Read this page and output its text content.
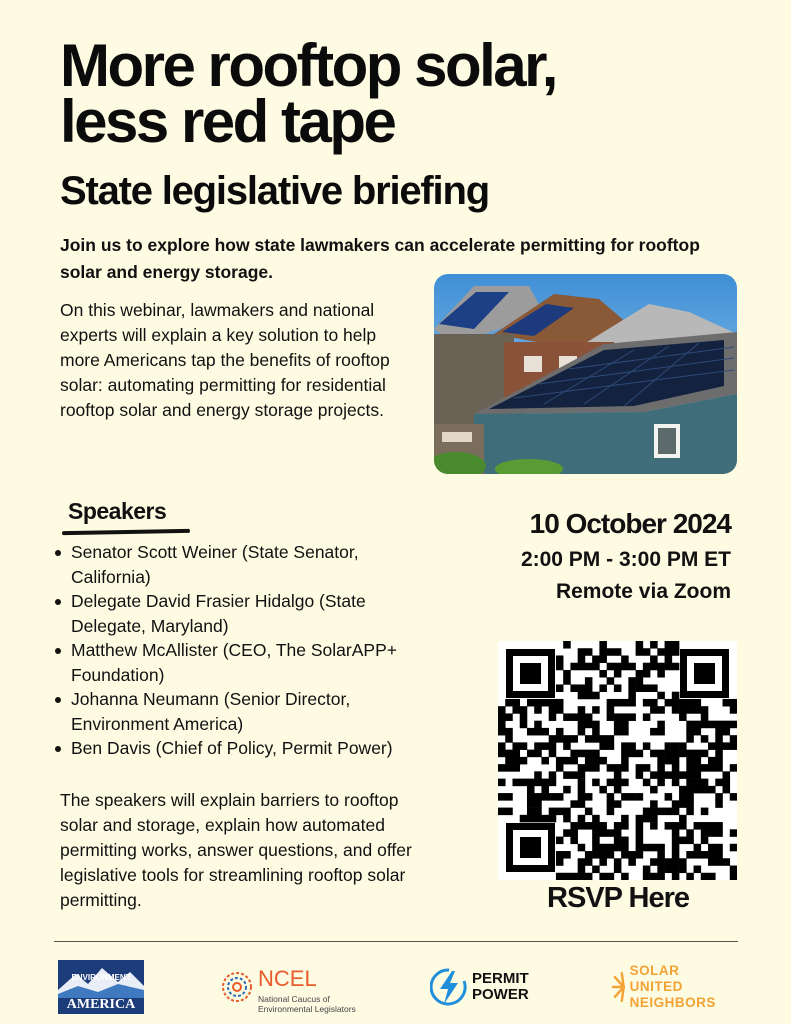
More rooftop solar,
less red tape
State legislative briefing

Join us to explore how state lawmakers can accelerate permitting for rooftop solar and energy storage.

On this webinar, lawmakers and national experts will explain a key solution to help more Americans tap the benefits of rooftop solar: automating permitting for residential rooftop solar and energy storage projects.

Speakers
Senator Scott Weiner (State Senator, California)
Delegate David Frasier Hidalgo (State Delegate, Maryland)
Matthew McAllister (CEO, The SolarAPP+ Foundation)
Johanna Neumann (Senior Director, Environment America)
Ben Davis (Chief of Policy, Permit Power)

The speakers will explain barriers to rooftop solar and storage, explain how automated permitting works, answer questions, and offer legislative tools for streamlining rooftop solar permitting.

10 October 2024
2:00 PM - 3:00 PM ET
Remote via Zoom
RSVP Here
ENVIRONMENT
AMERICA
NCEL
National Caucus of
Environmental Legislators
PERMIT
POWER
SOLAR UNITED
NEIGHBORS
